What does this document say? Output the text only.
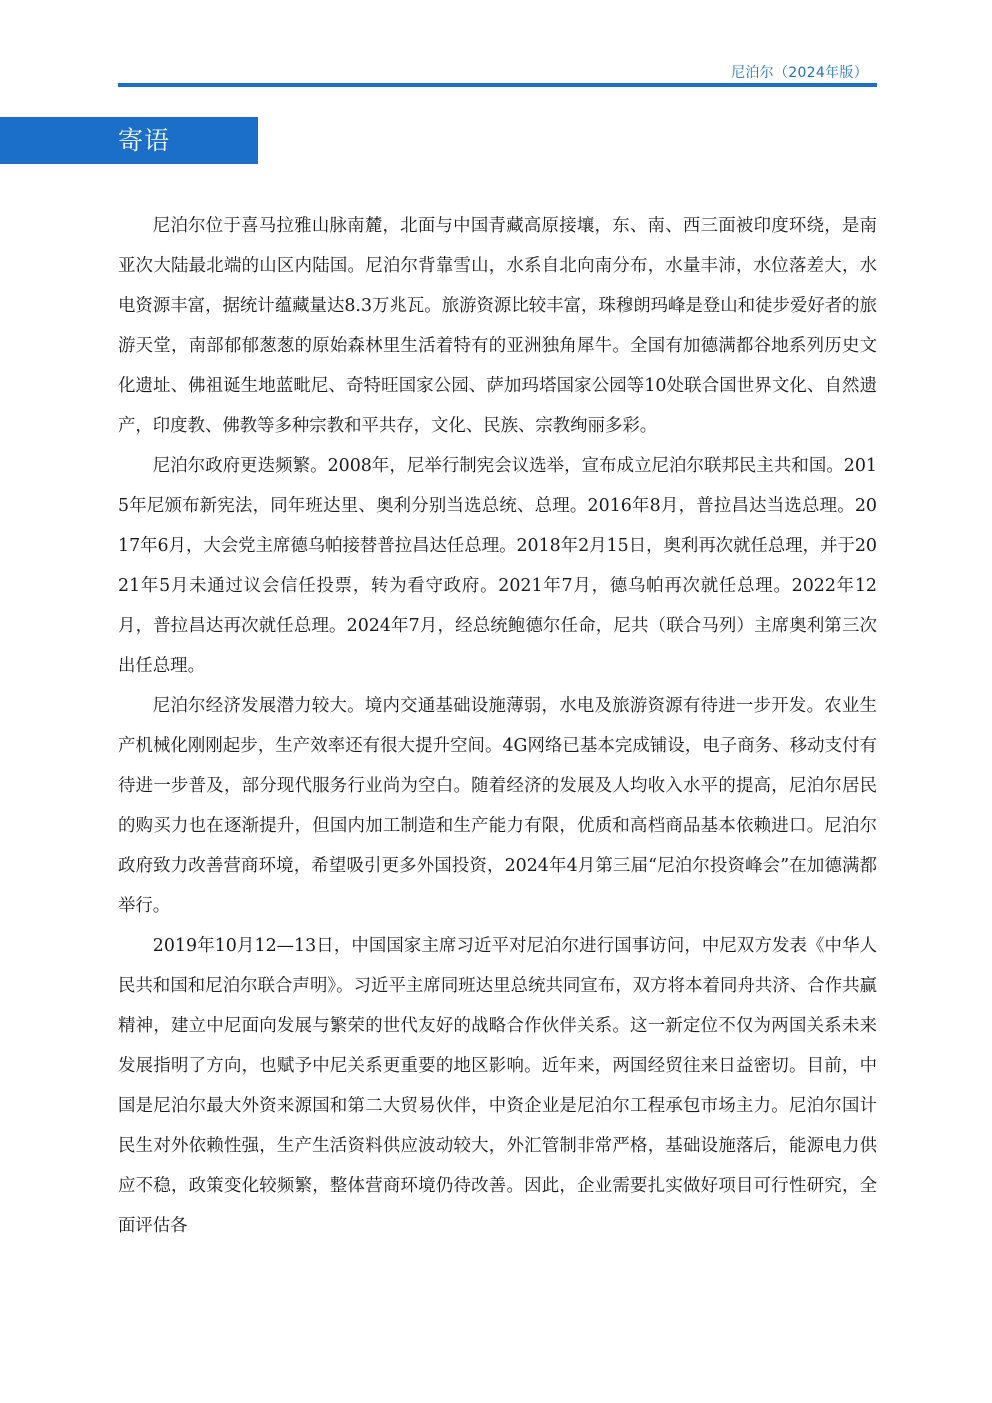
尼泊尔（2024年版）
寄语

尼泊尔位于喜马拉雅山脉南麓，北面与中国青藏高原接壤，东、南、西三面被印度环绕，是南亚次大陆最北端的山区内陆国。尼泊尔背靠雪山，水系自北向南分布，水量丰沛，水位落差大，水电资源丰富，据统计蕴藏量达8.3万兆瓦。旅游资源比较丰富，珠穆朗玛峰是登山和徒步爱好者的旅游天堂，南部郁郁葱葱的原始森林里生活着特有的亚洲独角犀牛。全国有加德满都谷地系列历史文化遗址、佛祖诞生地蓝毗尼、奇特旺国家公园、萨加玛塔国家公园等10处联合国世界文化、自然遗产，印度教、佛教等多种宗教和平共存，文化、民族、宗教绚丽多彩。

尼泊尔政府更迭频繁。2008年，尼举行制宪会议选举，宣布成立尼泊尔联邦民主共和国。2015年尼颁布新宪法，同年班达里、奥利分别当选总统、总理。2016年8月，普拉昌达当选总理。2017年6月，大会党主席德乌帕接替普拉昌达任总理。2018年2月15日，奥利再次就任总理，并于2021年5月未通过议会信任投票，转为看守政府。2021年7月，德乌帕再次就任总理。2022年12月，普拉昌达再次就任总理。2024年7月，经总统鲍德尔任命，尼共（联合马列）主席奥利第三次出任总理。

尼泊尔经济发展潜力较大。境内交通基础设施薄弱，水电及旅游资源有待进一步开发。农业生产机械化刚刚起步，生产效率还有很大提升空间。4G网络已基本完成铺设，电子商务、移动支付有待进一步普及，部分现代服务行业尚为空白。随着经济的发展及人均收入水平的提高，尼泊尔居民的购买力也在逐渐提升，但国内加工制造和生产能力有限，优质和高档商品基本依赖进口。尼泊尔政府致力改善营商环境，希望吸引更多外国投资，2024年4月第三届“尼泊尔投资峰会”在加德满都举行。

2019年10月12—13日，中国国家主席习近平对尼泊尔进行国事访问，中尼双方发表《中华人民共和国和尼泊尔联合声明》。习近平主席同班达里总统共同宣布，双方将本着同舟共济、合作共赢精神，建立中尼面向发展与繁荣的世代友好的战略合作伙伴关系。这一新定位不仅为两国关系未来发展指明了方向，也赋予中尼关系更重要的地区影响。近年来，两国经贸往来日益密切。目前，中国是尼泊尔最大外资来源国和第二大贸易伙伴，中资企业是尼泊尔工程承包市场主力。尼泊尔国计民生对外依赖性强，生产生活资料供应波动较大，外汇管制非常严格，基础设施落后，能源电力供应不稳，政策变化较频繁，整体营商环境仍待改善。因此，企业需要扎实做好项目可行性研究，全面评估各
